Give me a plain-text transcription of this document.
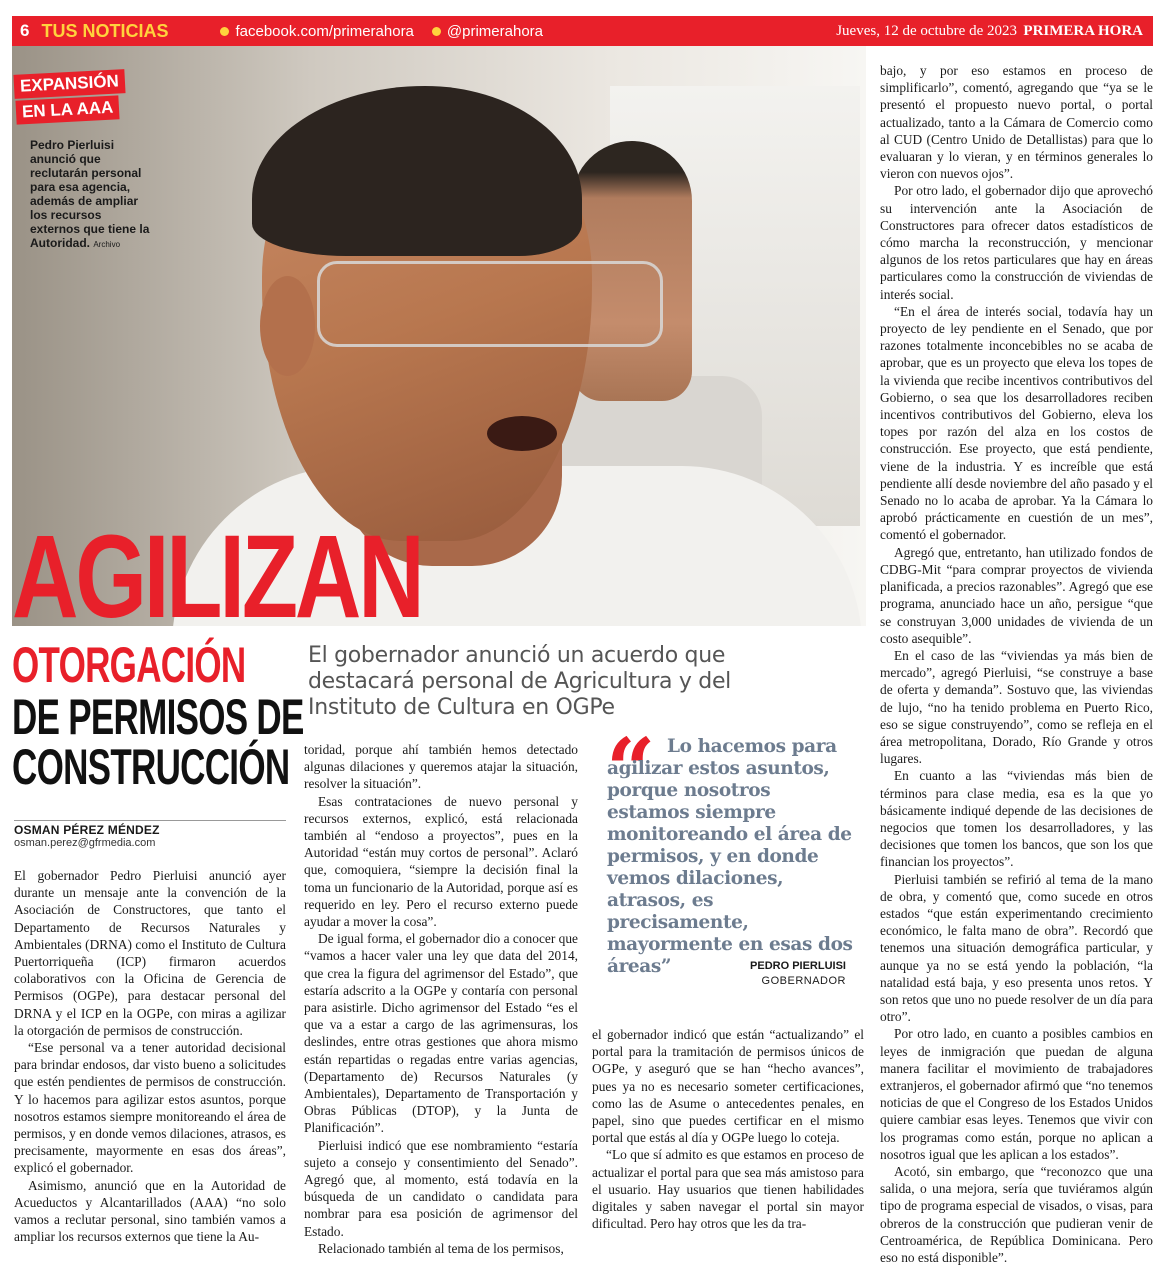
6 TUS NOTICIAS	facebook.com/primerahora @primerahora	Jueves, 12 de octubre de 2023 PRIMERA HORA
EXPANSIÓN
EN LA AAA
Pedro Pierluisi anunció que reclutarán personal para esa agencia, además de ampliar los recursos externos que tiene la Autoridad. Archivo
AGILIZAN
OTORGACIÓN
DE PERMISOS DE
CONSTRUCCIÓN
El gobernador anunció un acuerdo que destacará personal de Agricultura y del Instituto de Cultura en OGPe
OSMAN PÉREZ MÉNDEZ
osman.perez@gfrmedia.com

El gobernador Pedro Pierluisi anunció ayer durante un mensaje ante la convención de la Asociación de Constructores, que tanto el Departamento de Recursos Naturales y Ambientales (DRNA) como el Instituto de Cultura Puertorriqueña (ICP) firmaron acuerdos colaborativos con la Oficina de Gerencia de Permisos (OGPe), para destacar personal del DRNA y el ICP en la OGPe, con miras a agilizar la otorgación de permisos de construcción.

“Ese personal va a tener autoridad decisional para brindar endosos, dar visto bueno a solicitudes que estén pendientes de permisos de construcción. Y lo hacemos para agilizar estos asuntos, porque nosotros estamos siempre monitoreando el área de permisos, y en donde vemos dilaciones, atrasos, es precisamente, mayormente en esas dos áreas”, explicó el gobernador.

Asimismo, anunció que en la Autoridad de Acueductos y Alcantarillados (AAA) “no solo vamos a reclutar personal, sino también vamos a ampliar los recursos externos que tiene la Au-

toridad, porque ahí también hemos detectado algunas dilaciones y queremos atajar la situación, resolver la situación”.

Esas contrataciones de nuevo personal y recursos externos, explicó, está relacionada también al “endoso a proyectos”, pues en la Autoridad “están muy cortos de personal”. Aclaró que, comoquiera, “siempre la decisión final la toma un funcionario de la Autoridad, porque así es requerido en ley. Pero el recurso externo puede ayudar a mover la cosa”.

De igual forma, el gobernador dio a conocer que “vamos a hacer valer una ley que data del 2014, que crea la figura del agrimensor del Estado”, que estaría adscrito a la OGPe y contaría con personal para asistirle. Dicho agrimensor del Estado “es el que va a estar a cargo de las agrimensuras, los deslindes, entre otras gestiones que ahora mismo están repartidas o regadas entre varias agencias, (Departamento de) Recursos Naturales (y Ambientales), Departamento de Transportación y Obras Públicas (DTOP), y la Junta de Planificación”.

Pierluisi indicó que ese nombramiento “estaría sujeto a consejo y consentimiento del Senado”. Agregó que, al momento, está todavía en la búsqueda de un candidato o candidata para nombrar para esa posición de agrimensor del Estado.

Relacionado también al tema de los permisos,

“ Lo hacemos para agilizar estos asuntos, porque nosotros estamos siempre monitoreando el área de permisos, y en donde vemos dilaciones, atrasos, es precisamente, mayormente en esas dos áreas”	PEDRO PIERLUISI
GOBERNADOR

el gobernador indicó que están “actualizando” el portal para la tramitación de permisos únicos de OGPe, y aseguró que se han “hecho avances”, pues ya no es necesario someter certificaciones, como las de Asume o antecedentes penales, en papel, sino que puedes certificar en el mismo portal que estás al día y OGPe luego lo coteja.

“Lo que sí admito es que estamos en proceso de actualizar el portal para que sea más amistoso para el usuario. Hay usuarios que tienen habilidades digitales y saben navegar el portal sin mayor dificultad. Pero hay otros que les da tra-

bajo, y por eso estamos en proceso de simplificarlo”, comentó, agregando que “ya se le presentó el propuesto nuevo portal, o portal actualizado, tanto a la Cámara de Comercio como al CUD (Centro Unido de Detallistas) para que lo evaluaran y lo vieran, y en términos generales lo vieron con nuevos ojos”.

Por otro lado, el gobernador dijo que aprovechó su intervención ante la Asociación de Constructores para ofrecer datos estadísticos de cómo marcha la reconstrucción, y mencionar algunos de los retos particulares que hay en áreas particulares como la construcción de viviendas de interés social.

“En el área de interés social, todavía hay un proyecto de ley pendiente en el Senado, que por razones totalmente inconcebibles no se acaba de aprobar, que es un proyecto que eleva los topes de la vivienda que recibe incentivos contributivos del Gobierno, o sea que los desarrolladores reciben incentivos contributivos del Gobierno, eleva los topes por razón del alza en los costos de construcción. Ese proyecto, que está pendiente, viene de la industria. Y es increíble que está pendiente allí desde noviembre del año pasado y el Senado no lo acaba de aprobar. Ya la Cámara lo aprobó prácticamente en cuestión de un mes”, comentó el gobernador.

Agregó que, entretanto, han utilizado fondos de CDBG-Mit “para comprar proyectos de vivienda planificada, a precios razonables”. Agregó que ese programa, anunciado hace un año, persigue “que se construyan 3,000 unidades de vivienda de un costo asequible”.

En el caso de las “viviendas ya más bien de mercado”, agregó Pierluisi, “se construye a base de oferta y demanda”. Sostuvo que, las viviendas de lujo, “no ha tenido problema en Puerto Rico, eso se sigue construyendo”, como se refleja en el área metropolitana, Dorado, Río Grande y otros lugares.

En cuanto a las “viviendas más bien de términos para clase media, esa es la que yo básicamente indiqué depende de las decisiones de negocios que tomen los desarrolladores, y las decisiones que tomen los bancos, que son los que financian los proyectos”.

Pierluisi también se refirió al tema de la mano de obra, y comentó que, como sucede en otros estados “que están experimentando crecimiento económico, le falta mano de obra”. Recordó que tenemos una situación demográfica particular, y aunque ya no se está yendo la población, “la natalidad está baja, y eso presenta unos retos. Y son retos que uno no puede resolver de un día para otro”.

Por otro lado, en cuanto a posibles cambios en leyes de inmigración que puedan de alguna manera facilitar el movimiento de trabajadores extranjeros, el gobernador afirmó que “no tenemos noticias de que el Congreso de los Estados Unidos quiere cambiar esas leyes. Tenemos que vivir con los programas como están, porque no aplican a nosotros igual que les aplican a los estados”.

Acotó, sin embargo, que “reconozco que una salida, o una mejora, sería que tuviéramos algún tipo de programa especial de visados, o visas, para obreros de la construcción que pudieran venir de Centroamérica, de República Dominicana. Pero eso no está disponible”.
